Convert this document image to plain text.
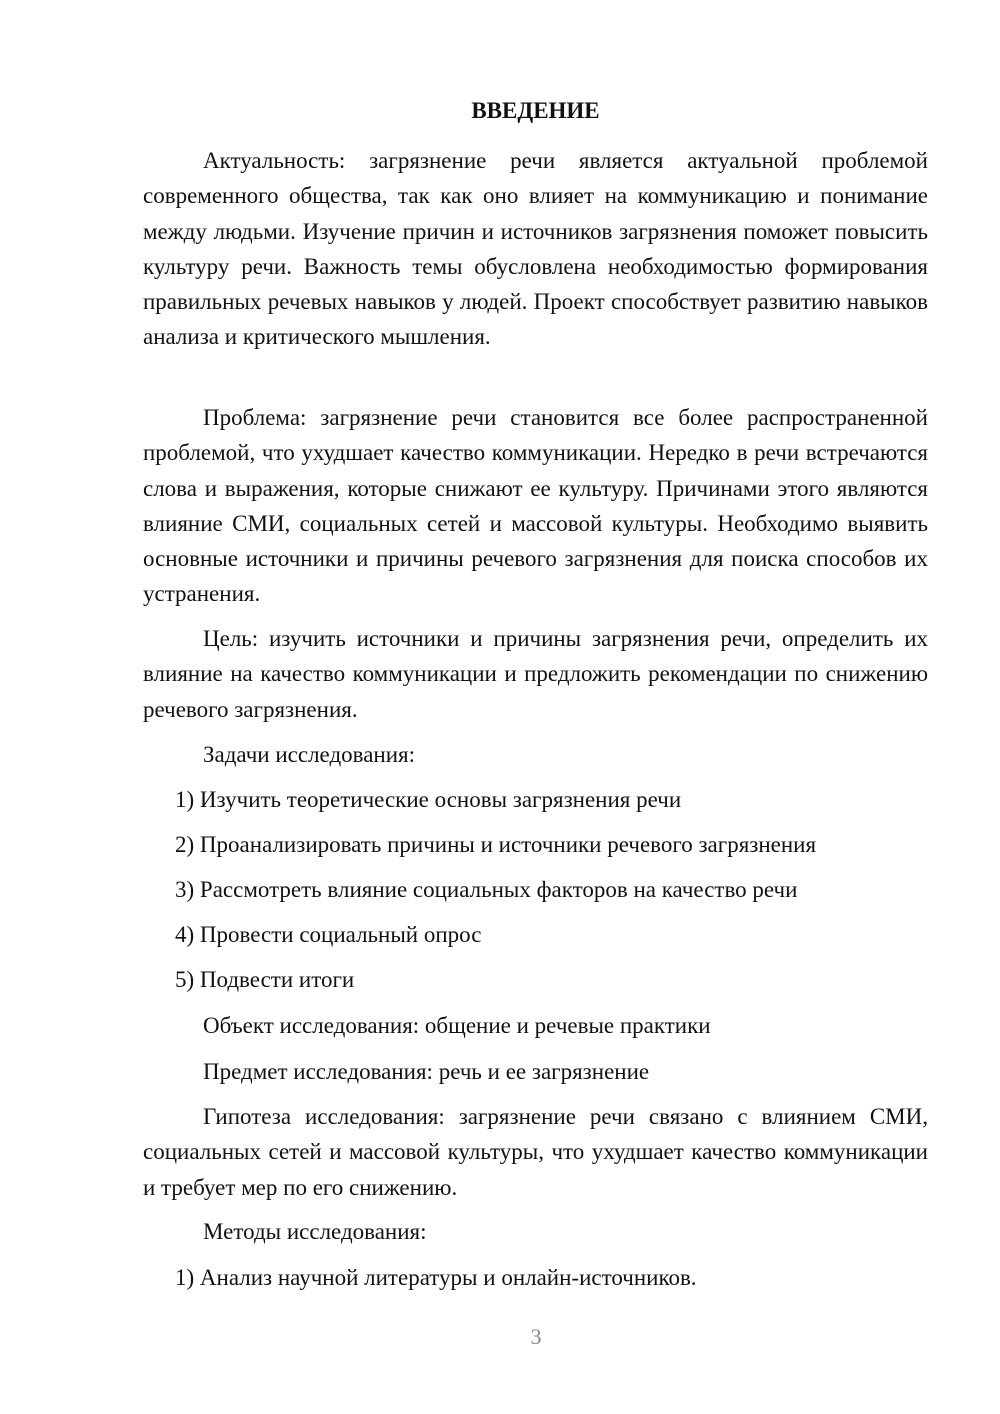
ВВЕДЕНИЕ

Актуальность: загрязнение речи является актуальной проблемой современного общества, так как оно влияет на коммуникацию и понимание между людьми. Изучение причин и источников загрязнения поможет повысить культуру речи. Важность темы обусловлена необходимостью формирования правильных речевых навыков у людей. Проект способствует развитию навыков анализа и критического мышления.

Проблема: загрязнение речи становится все более распространенной проблемой, что ухудшает качество коммуникации. Нередко в речи встречаются слова и выражения, которые снижают ее культуру. Причинами этого являются влияние СМИ, социальных сетей и массовой культуры. Необходимо выявить основные источники и причины речевого загрязнения для поиска способов их устранения.

Цель: изучить источники и причины загрязнения речи, определить их влияние на качество коммуникации и предложить рекомендации по снижению речевого загрязнения.

Задачи исследования:

1) Изучить теоретические основы загрязнения речи

2) Проанализировать причины и источники речевого загрязнения

3) Рассмотреть влияние социальных факторов на качество речи

4) Провести социальный опрос

5) Подвести итоги

Объект исследования: общение и речевые практики

Предмет исследования: речь и ее загрязнение

Гипотеза исследования: загрязнение речи связано с влиянием СМИ, социальных сетей и массовой культуры, что ухудшает качество коммуникации и требует мер по его снижению.

Методы исследования:

1) Анализ научной литературы и онлайн-источников.

3
